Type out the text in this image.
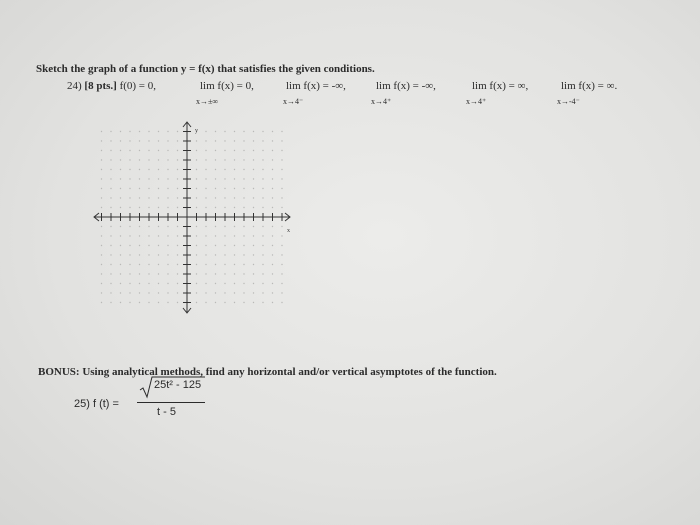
Sketch the graph of a function y = f(x) that satisfies the given conditions.
24) [8 pts.] f(0) = 0,	lim f(x) = 0,
x→±∞
lim f(x) = -∞,
x→4⁻
lim f(x) = -∞,
x→4⁺
lim f(x) = ∞,
x→4⁺
lim f(x) = ∞.
x→-4⁻
y
x
BONUS: Using analytical methods, find any horizontal and/or vertical asymptotes of the function.
25) f (t) =
25t² - 125
t - 5
